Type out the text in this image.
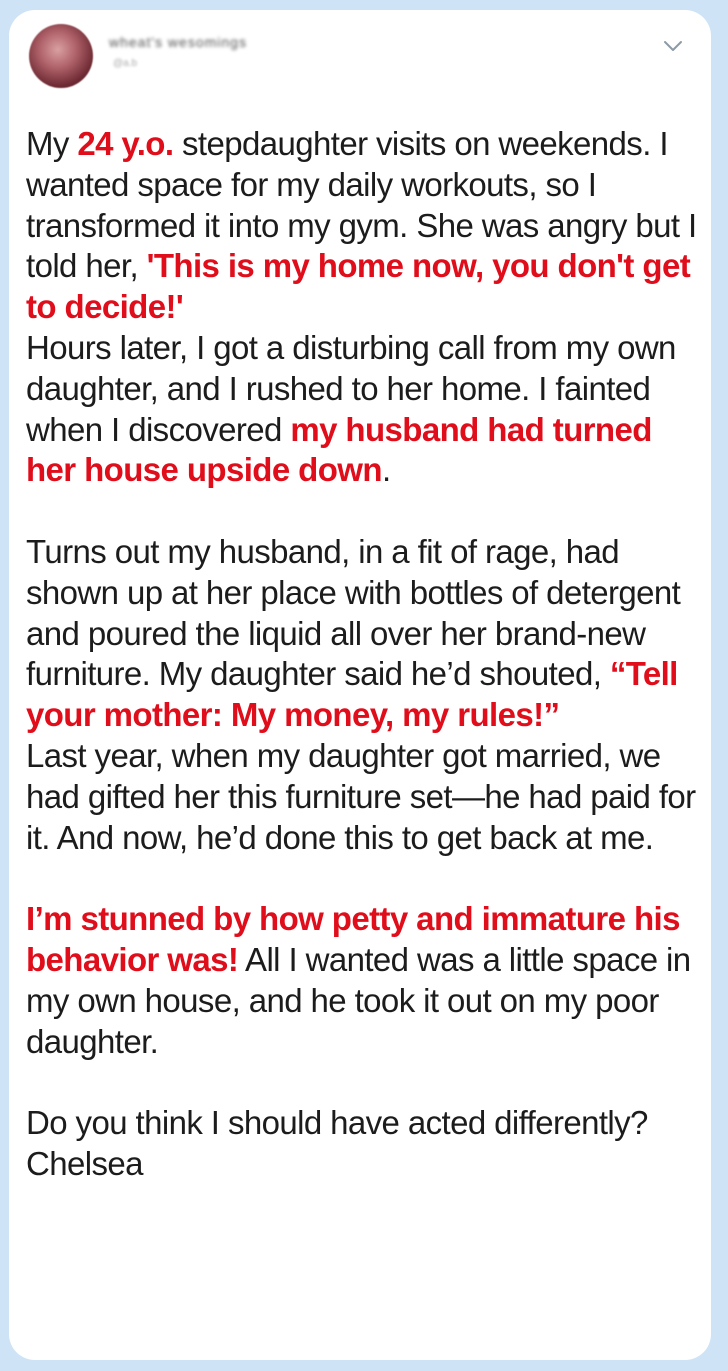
wheat's wesomings
@a.b

My 24 y.o. stepdaughter visits on weekends. I wanted space for my daily workouts, so I transformed it into my gym. She was angry but I told her, 'This is my home now, you don't get to decide!'
Hours later, I got a disturbing call from my own daughter, and I rushed to her home. I fainted when I discovered my husband had turned her house upside down.

Turns out my husband, in a fit of rage, had shown up at her place with bottles of detergent and poured the liquid all over her brand-new furniture. My daughter said he’d shouted, “Tell your mother: My money, my rules!”
Last year, when my daughter got married, we had gifted her this furniture set—he had paid for it. And now, he’d done this to get back at me.

I’m stunned by how petty and immature his behavior was! All I wanted was a little space in my own house, and he took it out on my poor daughter.

Do you think I should have acted differently?
Chelsea
